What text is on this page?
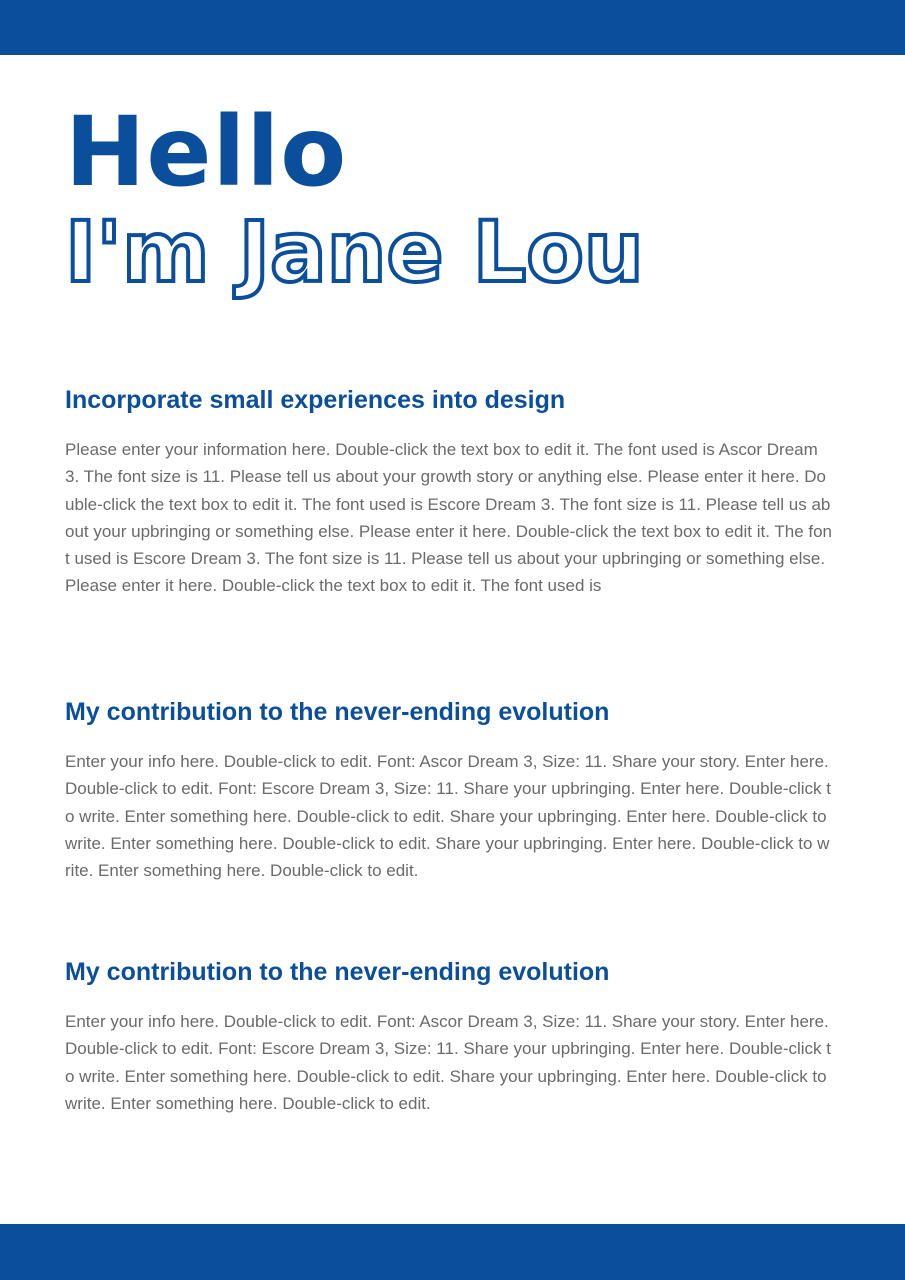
Hello
I'm Jane Lou
Incorporate small experiences into design

Please enter your information here. Double-click the text box to edit it. The font used is Ascor Dream 3. The font size is 11. Please tell us about your growth story or anything else. Please enter it here. Double-click the text box to edit it. The font used is Escore Dream 3. The font size is 11. Please tell us about your upbringing or something else. Please enter it here. Double-click the text box to edit it. The font used is Escore Dream 3. The font size is 11. Please tell us about your upbringing or something else. Please enter it here. Double-click the text box to edit it. The font used is

My contribution to the never-ending evolution

Enter your info here. Double-click to edit. Font: Ascor Dream 3, Size: 11. Share your story. Enter here. Double-click to edit. Font: Escore Dream 3, Size: 11. Share your upbringing. Enter here. Double-click to write. Enter something here. Double-click to edit. Share your upbringing. Enter here. Double-click to write. Enter something here. Double-click to edit. Share your upbringing. Enter here. Double-click to write. Enter something here. Double-click to edit.

My contribution to the never-ending evolution

Enter your info here. Double-click to edit. Font: Ascor Dream 3, Size: 11. Share your story. Enter here. Double-click to edit. Font: Escore Dream 3, Size: 11. Share your upbringing. Enter here. Double-click to write. Enter something here. Double-click to edit. Share your upbringing. Enter here. Double-click to write. Enter something here. Double-click to edit.
